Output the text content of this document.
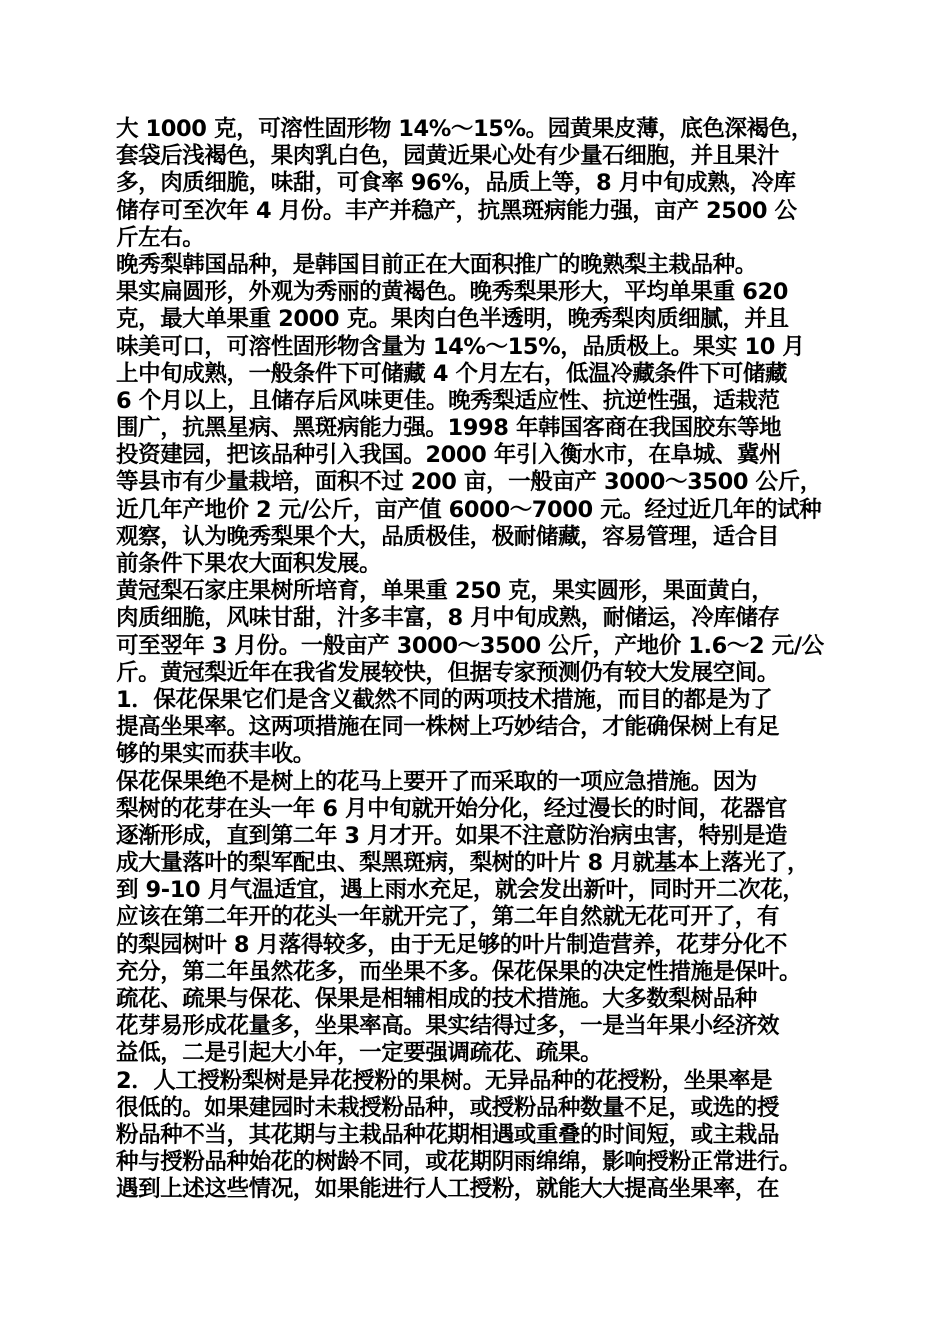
大 1000 克，可溶性固形物 14%～15%。园黄果皮薄，底色深褐色，
套袋后浅褐色，果肉乳白色，园黄近果心处有少量石细胞，并且果汁
多，肉质细脆，味甜，可食率 96%，品质上等，8 月中旬成熟，冷库
储存可至次年 4 月份。丰产并稳产，抗黑斑病能力强，亩产 2500 公
斤左右。
晚秀梨韩国品种，是韩国目前正在大面积推广的晚熟梨主栽品种。
果实扁圆形，外观为秀丽的黄褐色。晚秀梨果形大，平均单果重 620
克，最大单果重 2000 克。果肉白色半透明，晚秀梨肉质细腻，并且
味美可口，可溶性固形物含量为 14%～15%，品质极上。果实 10 月
上中旬成熟，一般条件下可储藏 4 个月左右，低温冷藏条件下可储藏
6 个月以上，且储存后风味更佳。晚秀梨适应性、抗逆性强，适栽范
围广，抗黑星病、黑斑病能力强。1998 年韩国客商在我国胶东等地
投资建园，把该品种引入我国。2000 年引入衡水市，在阜城、冀州
等县市有少量栽培，面积不过 200 亩，一般亩产 3000～3500 公斤，
近几年产地价 2 元/公斤，亩产值 6000～7000 元。经过近几年的试种
观察，认为晚秀梨果个大，品质极佳，极耐储藏，容易管理，适合目
前条件下果农大面积发展。
黄冠梨石家庄果树所培育，单果重 250 克，果实圆形，果面黄白，
肉质细脆，风味甘甜，汁多丰富，8 月中旬成熟，耐储运，冷库储存
可至翌年 3 月份。一般亩产 3000～3500 公斤，产地价 1.6～2 元/公
斤。黄冠梨近年在我省发展较快，但据专家预测仍有较大发展空间。
1．保花保果它们是含义截然不同的两项技术措施，而目的都是为了
提高坐果率。这两项措施在同一株树上巧妙结合，才能确保树上有足
够的果实而获丰收。
保花保果绝不是树上的花马上要开了而采取的一项应急措施。因为
梨树的花芽在头一年 6 月中旬就开始分化，经过漫长的时间，花器官
逐渐形成，直到第二年 3 月才开。如果不注意防治病虫害，特别是造
成大量落叶的梨军配虫、梨黑斑病，梨树的叶片 8 月就基本上落光了，
到 9-10 月气温适宜，遇上雨水充足，就会发出新叶，同时开二次花，
应该在第二年开的花头一年就开完了，第二年自然就无花可开了，有
的梨园树叶 8 月落得较多，由于无足够的叶片制造营养，花芽分化不
充分，第二年虽然花多，而坐果不多。保花保果的决定性措施是保叶。
疏花、疏果与保花、保果是相辅相成的技术措施。大多数梨树品种
花芽易形成花量多，坐果率高。果实结得过多，一是当年果小经济效
益低，二是引起大小年，一定要强调疏花、疏果。
2．人工授粉梨树是异花授粉的果树。无异品种的花授粉，坐果率是
很低的。如果建园时未栽授粉品种，或授粉品种数量不足，或选的授
粉品种不当，其花期与主栽品种花期相遇或重叠的时间短，或主栽品
种与授粉品种始花的树龄不同，或花期阴雨绵绵，影响授粉正常进行。
遇到上述这些情况，如果能进行人工授粉，就能大大提高坐果率，在
